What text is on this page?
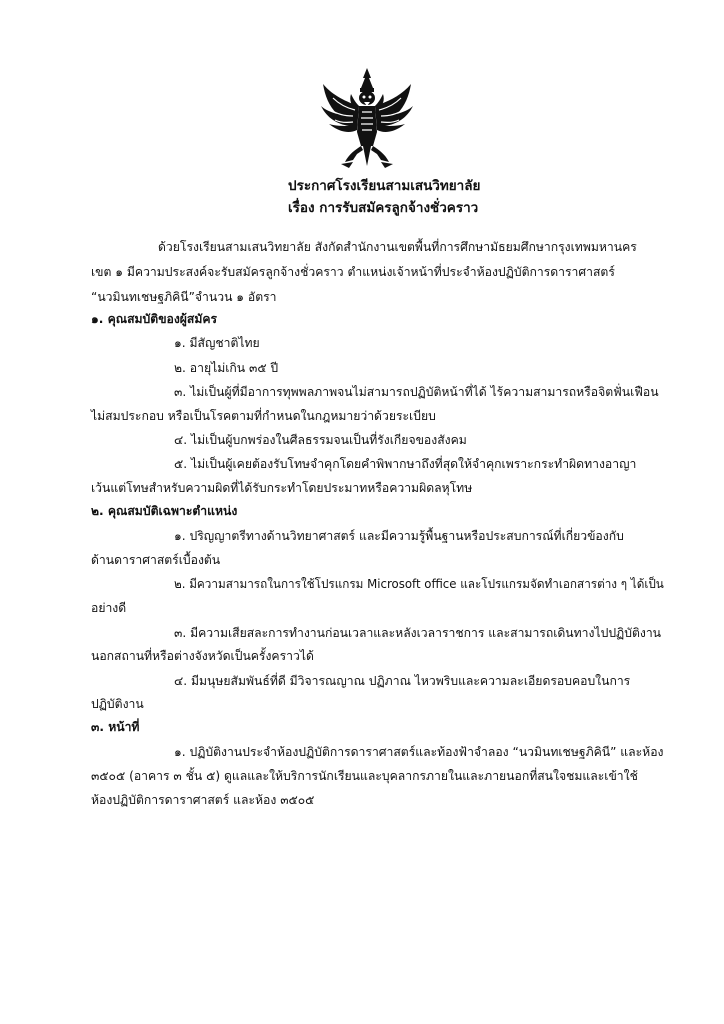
ประกาศโรงเรียนสามเสนวิทยาลัย
เรื่อง การรับสมัครลูกจ้างชั่วคราว
ด้วยโรงเรียนสามเสนวิทยาลัย สังกัดสำนักงานเขตพื้นที่การศึกษามัธยมศึกษากรุงเทพมหานคร
เขต ๑ มีความประสงค์จะรับสมัครลูกจ้างชั่วคราว ตำแหน่งเจ้าหน้าที่ประจำห้องปฏิบัติการดาราศาสตร์
“นวมินทเชษฐภิคินี”จำนวน ๑ อัตรา
๑. คุณสมบัติของผู้สมัคร
๑. มีสัญชาติไทย
๒. อายุไม่เกิน ๓๕ ปี
๓. ไม่เป็นผู้ที่มีอาการทุพพลภาพจนไม่สามารถปฏิบัติหน้าที่ได้ ไร้ความสามารถหรือจิตฟั่นเฟือน
ไม่สมประกอบ หรือเป็นโรคตามที่กำหนดในกฎหมายว่าด้วยระเบียบ
๔. ไม่เป็นผู้บกพร่องในศีลธรรมจนเป็นที่รังเกียจของสังคม
๕. ไม่เป็นผู้เคยต้องรับโทษจำคุกโดยคำพิพากษาถึงที่สุดให้จำคุกเพราะกระทำผิดทางอาญา
เว้นแต่โทษสำหรับความผิดที่ได้รับกระทำโดยประมาทหรือความผิดลหุโทษ
๒. คุณสมบัติเฉพาะตำแหน่ง
๑. ปริญญาตรีทางด้านวิทยาศาสตร์ และมีความรู้พื้นฐานหรือประสบการณ์ที่เกี่ยวข้องกับ
ด้านดาราศาสตร์เบื้องต้น
๒. มีความสามารถในการใช้โปรแกรม Microsoft office และโปรแกรมจัดทำเอกสารต่าง ๆ ได้เป็น
อย่างดี
๓. มีความเสียสละการทำงานก่อนเวลาและหลังเวลาราชการ และสามารถเดินทางไปปฏิบัติงาน
นอกสถานที่หรือต่างจังหวัดเป็นครั้งคราวได้
๔. มีมนุษยสัมพันธ์ที่ดี มีวิจารณญาณ ปฏิภาณ ไหวพริบและความละเอียดรอบคอบในการ
ปฏิบัติงาน
๓. หน้าที่
๑. ปฏิบัติงานประจำห้องปฏิบัติการดาราศาสตร์และท้องฟ้าจำลอง “นวมินทเชษฐภิคินี” และห้อง
๓๕๐๕ (อาคาร ๓ ชั้น ๕) ดูแลและให้บริการนักเรียนและบุคลากรภายในและภายนอกที่สนใจชมและเข้าใช้
ห้องปฏิบัติการดาราศาสตร์ และห้อง ๓๕๐๕
